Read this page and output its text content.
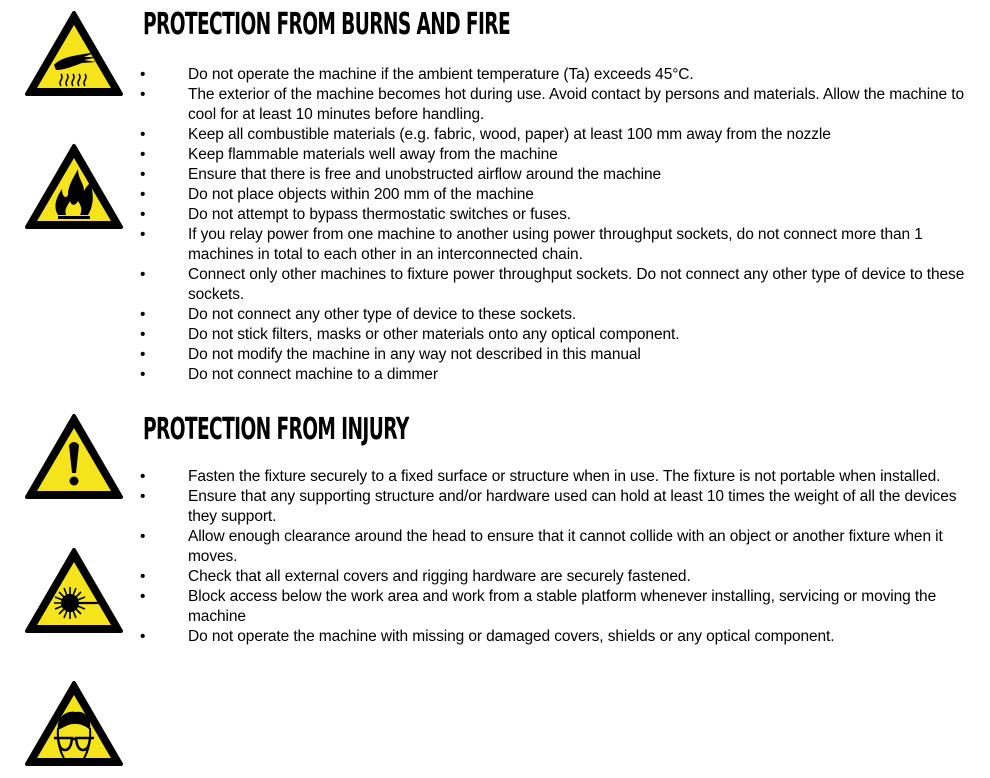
PROTECTION FROM BURNS AND FIRE
•	Do not operate the machine if the ambient temperature (Ta) exceeds 45°C.
•	The exterior of the machine becomes hot during use. Avoid contact by persons and materials. Allow the machine to cool for at least 10 minutes before handling.
•	Keep all combustible materials (e.g. fabric, wood, paper) at least 100 mm away from the nozzle
•	Keep flammable materials well away from the machine
•	Ensure that there is free and unobstructed airflow around the machine
•	Do not place objects within 200 mm of the machine
•	Do not attempt to bypass thermostatic switches or fuses.
•	If you relay power from one machine to another using power throughput sockets, do not connect more than 1 machines in total to each other in an interconnected chain.
•	Connect only other machines to fixture power throughput sockets. Do not connect any other type of device to these sockets.
•	Do not connect any other type of device to these sockets.
•	Do not stick filters, masks or other materials onto any optical component.
•	Do not modify the machine in any way not described in this manual
•	Do not connect machine to a dimmer
PROTECTION FROM INJURY
•	Fasten the fixture securely to a fixed surface or structure when in use. The fixture is not portable when installed.
•	Ensure that any supporting structure and/or hardware used can hold at least 10 times the weight of all the devices they support.
•	Allow enough clearance around the head to ensure that it cannot collide with an object or another fixture when it moves.
•	Check that all external covers and rigging hardware are securely fastened.
•	Block access below the work area and work from a stable platform whenever installing, servicing or moving the machine
•	Do not operate the machine with missing or damaged covers, shields or any optical component.
